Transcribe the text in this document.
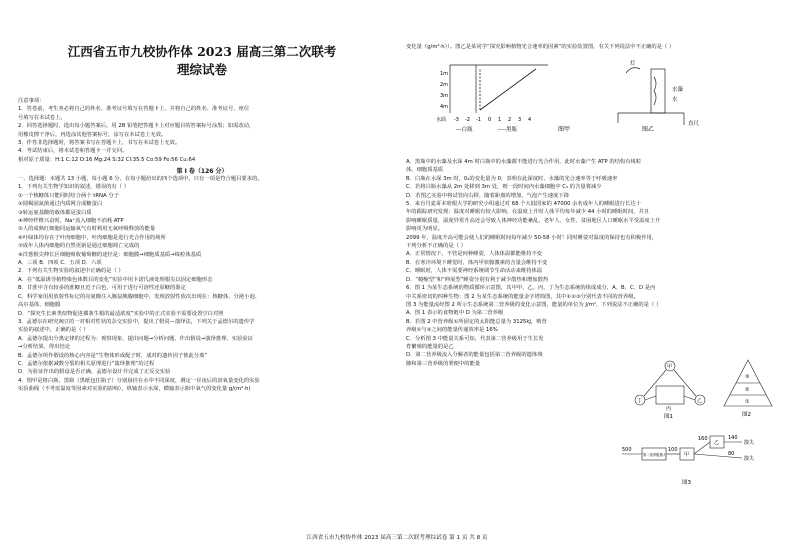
江西省五市九校协作体 2023 届高三第二次联考
理综试卷
注意事项：
1．答卷前，考生务必将自己的姓名、准考证号填写在答题卡上，并将自己的姓名、准考证号、座位
号填写在本试卷上。
2．回答选择题时，选出每小题答案后，用 2B 铅笔把答题卡上对应题目的答案标号涂黑；如需改动，
用橡皮擦干净后，再选涂其他答案标号，涂写在本试卷上无效。
3．作答非选择题时，将答案书写在答题卡上，书写在本试卷上无效。
4．考试结束后，将本试卷和答题卡一并交回。
相对原子质量：H:1 C:12 O:16 Mg:24 S:32 Cl:35.5 Co:59 Fe:56 Cu:64
第 I 卷（126 分）
一、选择题：本题共 13 小题，每小题 6 分，在每小题给出的四个选项中，只有一项是符合题目要求的。
1．下列有关生物学知识的叙述，错误的有（ ）
①一个核糖体只能同时结合两个 tRNA 分子
②圆褐固氮菌通过内质网合成糖蛋白
③转运氨基酸的载体都是蛋白质
④神经纤维兴奋时，Na⁺流入细胞不消耗 ATP
⑤人的成熟红细胞同运输氧气有时利用无氧呼吸释放的能量
⑥叶绿体均存在于叶肉细胞中，叶肉细胞是进行光合作用的场所
⑦成年人体内细胞的自然更新是通过细胞凋亡完成的
⑧洋葱根尖伸长区细胞吸收葡萄糖的途径是：细胞膜→细胞质基质→线粒体基质
A．三项 B．四项 C．五项 D．六项
2．下列有关生物实验的叙述中正确的是（ ）
A．在“低温诱导植物染色体数目的变化”实验中用卡诺氏液处理根尖以固定细胞形态
B．甘蔗中含有较多的蔗糖且近于白色，可用于进行可溶性还原糖的鉴定
C．科学家用用放射性标记的亮氨酸注入豚鼠胰腺细胞中，发现放射性依次出现在：核糖体、分泌小泡、
高尔基体、细胞膜
D．“探究生长素类似物促进插条生根的最适浓度”实验中的正式实验不需要设置空白对照
3．孟德尔在研究豌豆的一对相对性状的杂交实验中，提出了假说—演绎法，下列关于孟德尔的遗传学
实验的叙述中，正确的是（ ）
A．孟德尔提出分离定律的过程为：观察现象、提出问题→分析问题、作出假说→演绎推理、实验验证
→分析结果、得出结论
B．孟德尔所作假设的核心内容是“生物体形成配子时，成对的遗传因子彼此分离”
C．孟德尔依据减数分裂的相关原理进行“演绎推理”的过程
D．为验证作出的假设是否正确，孟德尔设计并完成了正反交实验
4．图甲是将白瓶、黑瓶（黑纸包住瓶子）分别悬挂在水中不同深度，测定一昼夜后的溶氧量变化的实验
实验曲线（不考虑温度等因素对实验的影响），纵轴表示水深，横轴表示瓶中氧气的变化量 g/(m²·h)
变化量（g/m²·h））。图乙是某同学“探究影响植物光合速率的因素”的实验装置图，有关下列说法中不正确的是（ ）
1m
2m
3m
4m
水面 -3 -2 -1 0 1 2 3 4
—白瓶	----黑瓶	图甲
灯
水藻
水
直尺
图乙
A．黑瓶中的水藻及水深 4m 时白瓶中的水藻都不能进行光合作用，此时水藻产生 ATP 的结构有线粒
体、细胞质基质
B．白瓶在水深 3m 时，0₂的变化量为 0，表明在此深度时，水藻的光合速率等于呼吸速率
C．若将白瓶水藻从 2m 处移到 3m 处，则一段时间内水藻细胞中 C₃ 的含量将减少
D．若图乙实验中将试管向右移，随着距离的增加，气泡产生速度下降
5．来自丹麦哥本哈根大学的研究小组通过对 68 个大陆国家的 47000 余名成年人的睡眠进行长达十
年的跟踪研究发现：温度对睡眠有较大影响，在温度上升时人体平均每年减少 44 小时的睡眠时间，并且
影响睡眠质量，温度异常升高还会导致人体神经功能紊乱，老年人、女性、贫困地区人口睡眠水平受温度上升
影响更为明显。
2099 年，温度升高可能会使人们的睡眠时间每年减少 50-58 小时！同时睡姿对温度的保持也有积极作用，
下列分析不正确的是（ ）
A．正常情况下，不管是何种睡姿，人体体温都能维持不变
B．在寒冷环境下睡觉时，体内甲状腺激素的含量会维持不变
C．睡眠时，人体不需要神经系统调节生命活动来维持体温
D．“蜷缩型”和“伸展型”睡姿分别有利于减少散热和增加散热
6．图 1 为某生态系统的物质循环示意图，其中甲、乙、丙、丁为生态系统的组成成分，A、B、C、D 是丙
中关系密切的四种生物；图 2 为某生态系统的能量金字塔简图，其中①②③分别代表不同的营养级。
图 3 为能量流经图 2 所示生态系统第二营养级的变化示意图，能量的单位为 J/m²，下列说法不正确的是（ ）
A．图 1 表示的食物链中 D 为第二营养级
B．若图 2 中营养级①所固定的太阳能总量为 3125kJ，则营
养级①与②之间的能量传递效率是 16%
C．分析图 3 中能量关系可知，代表第二营养级用于生长发
育繁殖的能量的是乙
D．第二营养级流入分解者的能量包括第二营养级的遗体残
骸和第三营养级的粪便中的能量
甲
丁	乙
丙
图1
③
②
①
图2
500	100
160	140
80
第二营养级摄入	甲
乙	散失
散失
图3
江西省五市九校协作体 2023 届高三第二次联考理综试卷 第 1 页 共 8 页
